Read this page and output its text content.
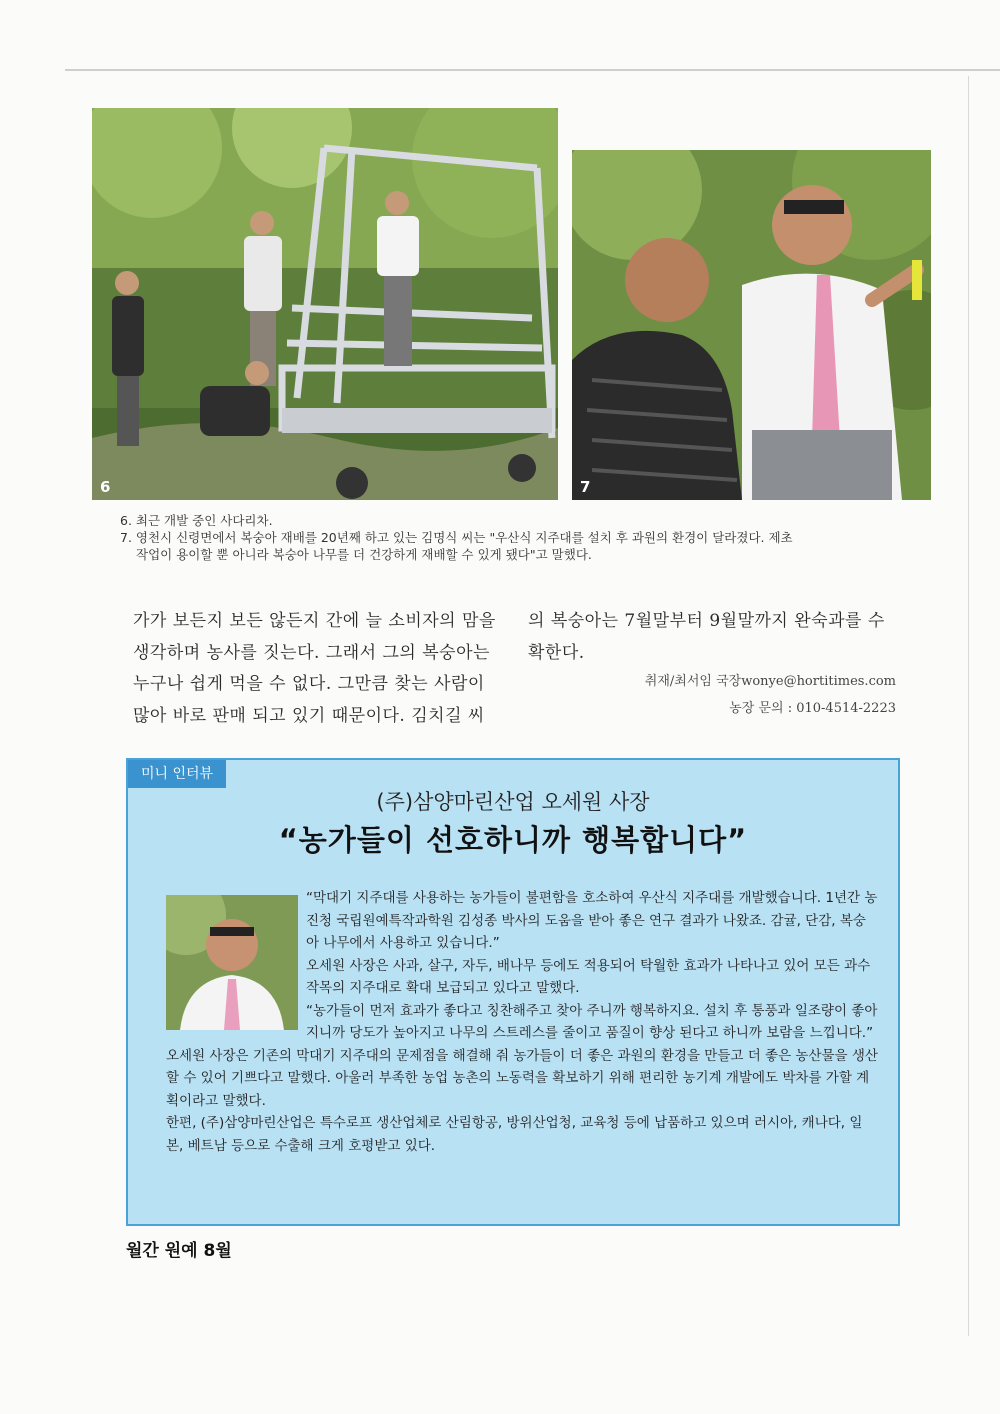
6	7

6. 최근 개발 중인 사다리차.

7. 영천시 신령면에서 복숭아 재배를 20년째 하고 있는 김명식 씨는 "우산식 지주대를 설치 후 과원의 환경이 달라졌다. 제초

작업이 용이할 뿐 아니라 복숭아 나무를 더 건강하게 재배할 수 있게 됐다"고 말했다.

가가 보든지 보든 않든지 간에 늘 소비자의 맘을
생각하며 농사를 짓는다. 그래서 그의 복숭아는
누구나 쉽게 먹을 수 없다. 그만큼 찾는 사람이
많아 바로 판매 되고 있기 때문이다. 김치길 씨
의 복숭아는 7월말부터 9월말까지 완숙과를 수
확한다.
취재/최서임 국장wonye@hortitimes.com
농장 문의 : 010-4514-2223
미니 인터뷰
(주)삼양마린산업 오세원 사장
“농가들이 선호하니까 행복합니다”

“막대기 지주대를 사용하는 농가들이 불편함을 호소하여 우산식 지주대를 개발했습니다. 1년간 농진청 국립원예특작과학원 김성종 박사의 도움을 받아 좋은 연구 결과가 나왔죠. 감귤, 단감, 복숭아 나무에서 사용하고 있습니다.”

오세원 사장은 사과, 살구, 자두, 배나무 등에도 적용되어 탁월한 효과가 나타나고 있어 모든 과수 작목의 지주대로 확대 보급되고 있다고 말했다.

“농가들이 먼저 효과가 좋다고 칭찬해주고 찾아 주니까 행복하지요. 설치 후 통풍과 일조량이 좋아지니까 당도가 높아지고 나무의 스트레스를 줄이고 품질이 향상 된다고 하니까 보람을 느낍니다.”

오세원 사장은 기존의 막대기 지주대의 문제점을 해결해 줘 농가들이 더 좋은 과원의 환경을 만들고 더 좋은 농산물을 생산할 수 있어 기쁘다고 말했다. 아울러 부족한 농업 농촌의 노동력을 확보하기 위해 편리한 농기계 개발에도 박차를 가할 계획이라고 말했다.

한편, (주)삼양마린산업은 특수로프 생산업체로 산림항공, 방위산업청, 교육청 등에 납품하고 있으며 러시아, 캐나다, 일본, 베트남 등으로 수출해 크게 호평받고 있다.

월간 원예 8월
